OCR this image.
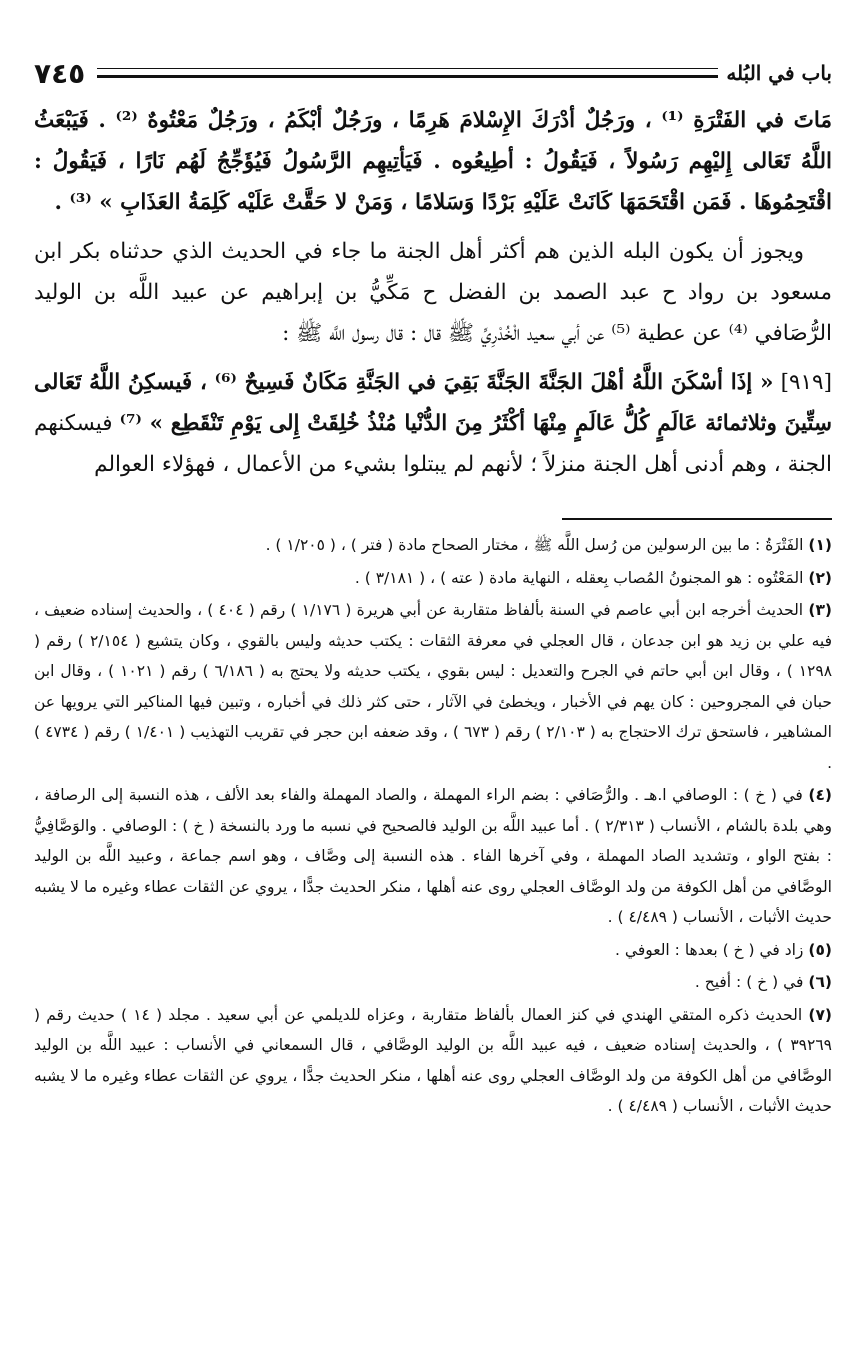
٧٤٥	باب في البُله

مَاتَ في الفَتْرَةِ ⁽¹⁾ ، ورَجُلٌ أدْرَكَ الإِسْلامَ هَرِمًا ، ورَجُلٌ أبْكَمُ ، ورَجُلٌ مَعْتُوهٌ ⁽²⁾ . فَيَبْعَثُ اللَّهُ تَعَالى إِليْهِم رَسُولاً ، فَيَقُولُ : أطِيعُوه . فَيَأتِيهِم الرَّسُولُ فَيُؤَجِّجُ لَهُم نَارًا ، فَيَقُولُ : اقْتَحِمُوهَا . فَمَن اقْتَحَمَهَا كَانَتْ عَلَيْهِ بَرْدًا وَسَلامًا ، وَمَنْ لا حَقَّتْ عَلَيْه كَلِمَةُ العَذَابِ » ⁽³⁾ .

ويجوز أن يكون البله الذين هم أكثر أهل الجنة ما جاء في الحديث الذي حدثناه بكر ابن مسعود بن رواد ح عبد الصمد بن الفضل ح مَكِّيُّ بن إبراهيم عن عبيد اللَّه بن الوليد الرُّصَافي ⁽⁴⁾ عن عطية ⁽⁵⁾ عن أبي سعيد الْخُدْرِيِّ ﷺ قال : قال رسول اللَّه ﷺ :

[٩١٩] « إذَا أسْكَنَ اللَّهُ أهْلَ الجَنَّةَ الجَنَّةَ بَقِيَ في الجَنَّةِ مَكَانٌ فَسِيحٌ ⁽⁶⁾ ، فَيسكِنُ اللَّهُ تَعَالى سِتِّينَ وثلاثمائة عَالَمٍ كُلُّ عَالَمٍ مِنْهَا أكْثَرُ مِنَ الدُّنْيا مُنْذُ خُلِقَتْ إِلى يَوْمِ تَنْقَطِع » ⁽⁷⁾ فيسكنهم الجنة ، وهم أدنى أهل الجنة منزلاً ؛ لأنهم لم يبتلوا بشيء من الأعمال ، فهؤلاء العوالم

(١) الفَتْرَةُ : ما بين الرسولين من رُسل اللَّه ﷺ ، مختار الصحاح مادة ( فتر ) ، ( ١/٢٠٥ ) .

(٢) المَعْتُوه : هو المجنونُ المُصاب بِعقله ، النهاية مادة ( عته ) ، ( ٣/١٨١ ) .

(٣) الحديث أخرجه ابن أبي عاصم في السنة بألفاظ متقاربة عن أبي هريرة ( ١/١٧٦ ) رقم ( ٤٠٤ ) ، والحديث إسناده ضعيف ، فيه علي بن زيد هو ابن جدعان ، قال العجلي في معرفة الثقات : يكتب حديثه وليس بالقوي ، وكان يتشيع ( ٢/١٥٤ ) رقم ( ١٢٩٨ ) ، وقال ابن أبي حاتم في الجرح والتعديل : ليس بقوي ، يكتب حديثه ولا يحتج به ( ٦/١٨٦ ) رقم ( ١٠٢١ ) ، وقال ابن حبان في المجروحين : كان يهم في الأخبار ، ويخطئ في الآثار ، حتى كثر ذلك في أخباره ، وتبين فيها المناكير التي يرويها عن المشاهير ، فاستحق ترك الاحتجاج به ( ٢/١٠٣ ) رقم ( ٦٧٣ ) ، وقد ضعفه ابن حجر في تقريب التهذيب ( ١/٤٠١ ) رقم ( ٤٧٣٤ ) .

(٤) في ( خ ) : الوصافي ا.هـ . والرُّصَافي : بضم الراء المهملة ، والصاد المهملة والفاء بعد الألف ، هذه النسبة إلى الرصافة ، وهي بلدة بالشام ، الأنساب ( ٢/٣١٣ ) . أما عبيد اللَّه بن الوليد فالصحيح في نسبه ما ورد بالنسخة ( خ ) : الوصافي . والوَصَّافِيُّ : بفتح الواو ، وتشديد الصاد المهملة ، وفي آخرها الفاء . هذه النسبة إلى وصَّاف ، وهو اسم جماعة ، وعبيد اللَّه بن الوليد الوصَّافي من أهل الكوفة من ولد الوصَّاف العجلي روى عنه أهلها ، منكر الحديث جدًّا ، يروي عن الثقات عطاء وغيره ما لا يشبه حديث الأثبات ، الأنساب ( ٤/٤٨٩ ) .

(٥) زاد في ( خ ) بعدها : العوفي .

(٦) في ( خ ) : أفيح .

(٧) الحديث ذكره المتقي الهندي في كنز العمال بألفاظ متقاربة ، وعزاه للديلمي عن أبي سعيد . مجلد ( ١٤ ) حديث رقم ( ٣٩٢٦٩ ) ، والحديث إسناده ضعيف ، فيه عبيد اللَّه بن الوليد الوصَّافي ، قال السمعاني في الأنساب : عبيد اللَّه بن الوليد الوصَّافي من أهل الكوفة من ولد الوصَّاف العجلي روى عنه أهلها ، منكر الحديث جدًّا ، يروي عن الثقات عطاء وغيره ما لا يشبه حديث الأثبات ، الأنساب ( ٤/٤٨٩ ) .
